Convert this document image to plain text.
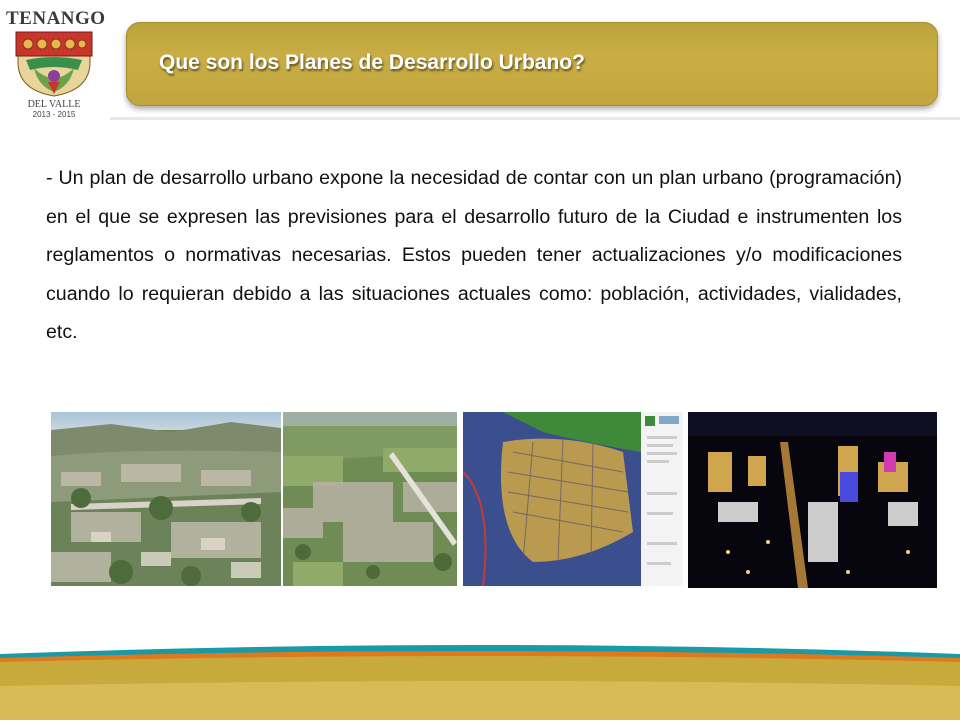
TENANGO
DEL VALLE
2013 - 2015
Que son los Planes de Desarrollo Urbano?
- Un plan de desarrollo urbano expone la necesidad de contar con un plan urbano (programación) en el que se expresen las previsiones para el desarrollo futuro de la Ciudad e instrumenten los reglamentos o normativas necesarias. Estos pueden tener actualizaciones y/o modificaciones cuando lo requieran debido a las situaciones actuales como: población, actividades, vialidades, etc.
